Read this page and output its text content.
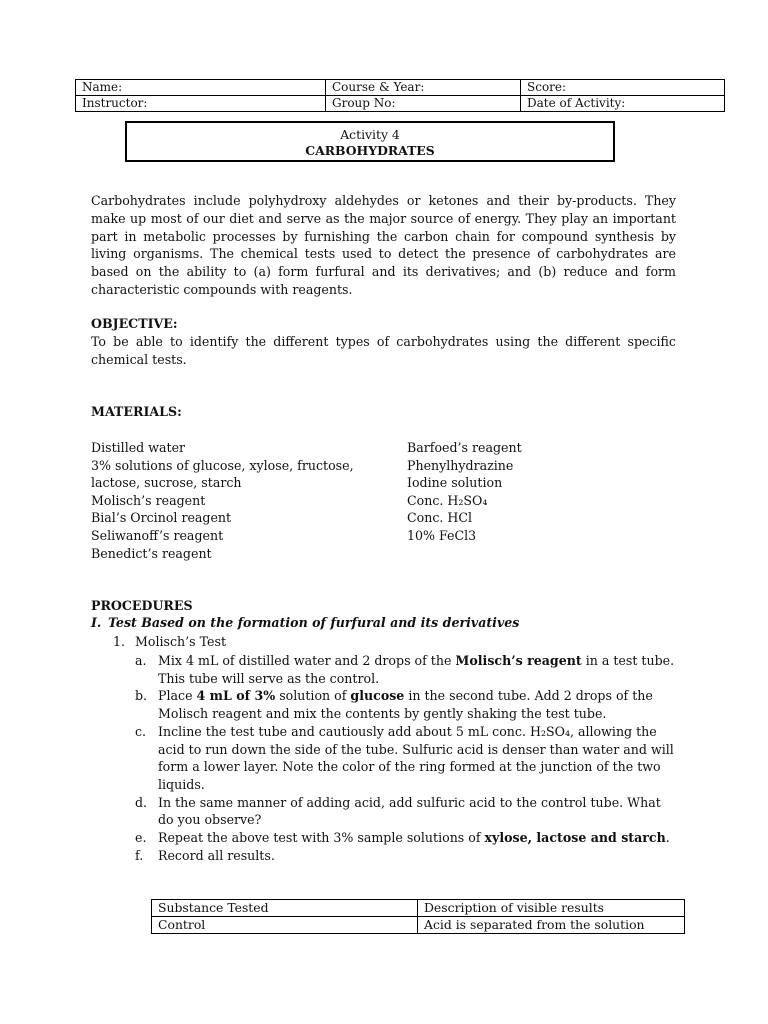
Name:	Course & Year:	Score:
Instructor:	Group No:	Date of Activity:
Activity 4
CARBOHYDRATES

Carbohydrates include polyhydroxy aldehydes or ketones and their by-products. They make up most of our diet and serve as the major source of energy. They play an important part in metabolic processes by furnishing the carbon chain for compound synthesis by living organisms. The chemical tests used to detect the presence of carbohydrates are based on the ability to (a) form furfural and its derivatives; and (b) reduce and form characteristic compounds with reagents.

OBJECTIVE:

To be able to identify the different types of carbohydrates using the different specific chemical tests.

MATERIALS:

Distilled water
3% solutions of glucose, xylose, fructose,
lactose, sucrose, starch
Molisch’s reagent
Bial’s Orcinol reagent
Seliwanoff’s reagent
Benedict’s reagent
Barfoed’s reagent
Phenylhydrazine
Iodine solution
Conc. H₂SO₄
Conc. HCl
10% FeCl3

PROCEDURES

I. Test Based on the formation of furfural and its derivatives

1. Molisch’s Test

a. Mix 4 mL of distilled water and 2 drops of the Molisch’s reagent in a test tube. This tube will serve as the control.
b. Place 4 mL of 3% solution of glucose in the second tube. Add 2 drops of the Molisch reagent and mix the contents by gently shaking the test tube.
c. Incline the test tube and cautiously add about 5 mL conc. H₂SO₄, allowing the acid to run down the side of the tube. Sulfuric acid is denser than water and will form a lower layer. Note the color of the ring formed at the junction of the two liquids.
d. In the same manner of adding acid, add sulfuric acid to the control tube. What do you observe?
e. Repeat the above test with 3% sample solutions of xylose, lactose and starch.
f. Record all results.
Substance Tested	Description of visible results
Control	Acid is separated from the solution
